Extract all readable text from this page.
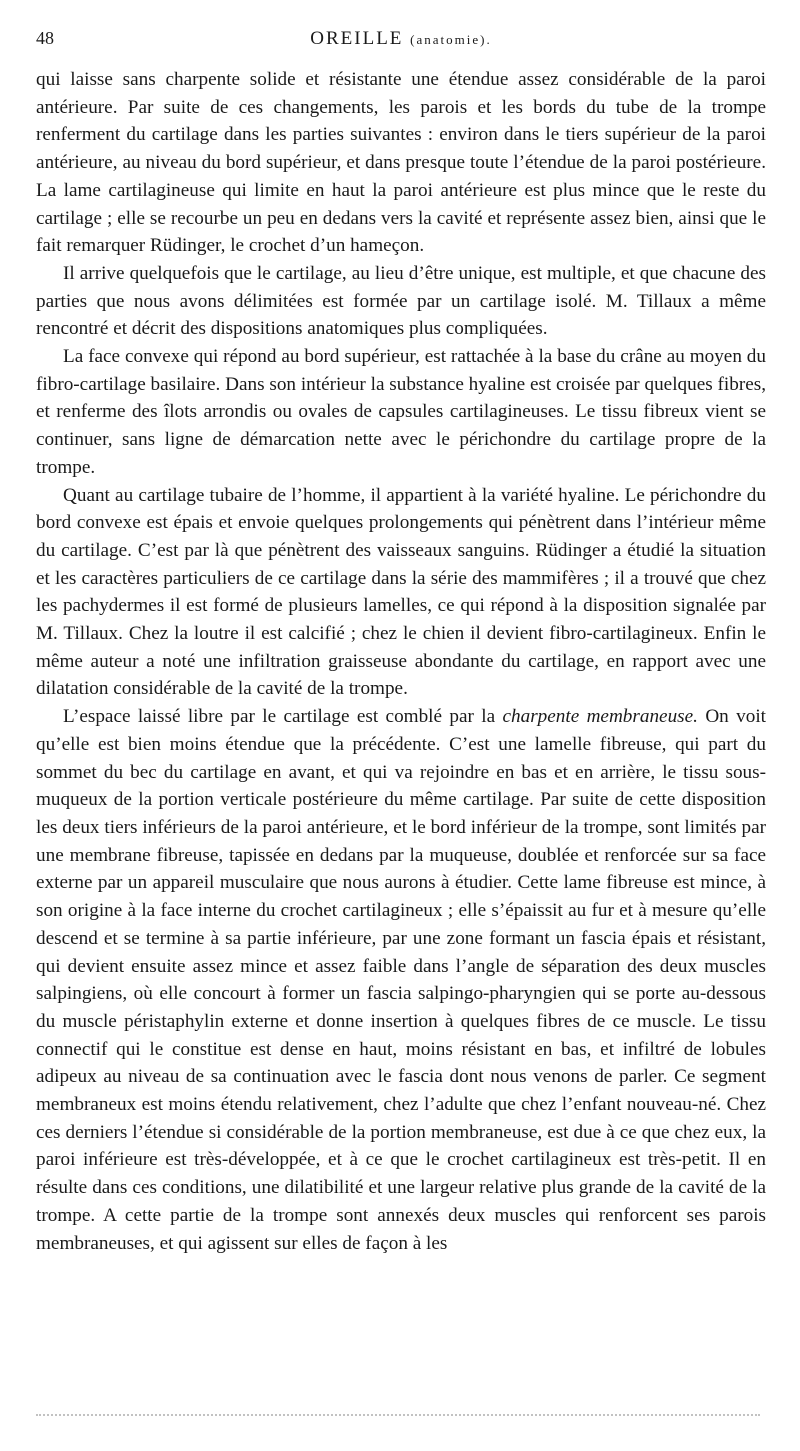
48	OREILLE (anatomie).

qui laisse sans charpente solide et résistante une étendue assez considérable de la paroi antérieure. Par suite de ces changements, les parois et les bords du tube de la trompe renferment du cartilage dans les parties suivantes : environ dans le tiers supérieur de la paroi antérieure, au niveau du bord supérieur, et dans presque toute l’étendue de la paroi postérieure. La lame cartilagineuse qui limite en haut la paroi antérieure est plus mince que le reste du cartilage ; elle se recourbe un peu en dedans vers la cavité et représente assez bien, ainsi que le fait remarquer Rüdinger, le crochet d’un hameçon.

Il arrive quelquefois que le cartilage, au lieu d’être unique, est multiple, et que chacune des parties que nous avons délimitées est formée par un cartilage isolé. M. Tillaux a même rencontré et décrit des dispositions anatomiques plus compliquées.

La face convexe qui répond au bord supérieur, est rattachée à la base du crâne au moyen du fibro-cartilage basilaire. Dans son intérieur la substance hyaline est croisée par quelques fibres, et renferme des îlots arrondis ou ovales de capsules cartilagineuses. Le tissu fibreux vient se continuer, sans ligne de démarcation nette avec le périchondre du cartilage propre de la trompe.

Quant au cartilage tubaire de l’homme, il appartient à la variété hyaline. Le périchondre du bord convexe est épais et envoie quelques prolongements qui pénètrent dans l’intérieur même du cartilage. C’est par là que pénètrent des vaisseaux sanguins. Rüdinger a étudié la situation et les caractères particuliers de ce cartilage dans la série des mammifères ; il a trouvé que chez les pachydermes il est formé de plusieurs lamelles, ce qui répond à la disposition signalée par M. Tillaux. Chez la loutre il est calcifié ; chez le chien il devient fibro-cartilagineux. Enfin le même auteur a noté une infiltration graisseuse abondante du cartilage, en rapport avec une dilatation considérable de la cavité de la trompe.

L’espace laissé libre par le cartilage est comblé par la charpente membraneuse. On voit qu’elle est bien moins étendue que la précédente. C’est une lamelle fibreuse, qui part du sommet du bec du cartilage en avant, et qui va rejoindre en bas et en arrière, le tissu sous-muqueux de la portion verticale postérieure du même cartilage. Par suite de cette disposition les deux tiers inférieurs de la paroi antérieure, et le bord inférieur de la trompe, sont limités par une membrane fibreuse, tapissée en dedans par la muqueuse, doublée et renforcée sur sa face externe par un appareil musculaire que nous aurons à étudier. Cette lame fibreuse est mince, à son origine à la face interne du crochet cartilagineux ; elle s’épaissit au fur et à mesure qu’elle descend et se termine à sa partie inférieure, par une zone formant un fascia épais et résistant, qui devient ensuite assez mince et assez faible dans l’angle de séparation des deux muscles salpingiens, où elle concourt à former un fascia salpingo-pharyngien qui se porte au-dessous du muscle péristaphylin externe et donne insertion à quelques fibres de ce muscle. Le tissu connectif qui le constitue est dense en haut, moins résistant en bas, et infiltré de lobules adipeux au niveau de sa continuation avec le fascia dont nous venons de parler. Ce segment membraneux est moins étendu relativement, chez l’adulte que chez l’enfant nouveau-né. Chez ces derniers l’étendue si considérable de la portion membraneuse, est due à ce que chez eux, la paroi inférieure est très-développée, et à ce que le crochet cartilagineux est très-petit. Il en résulte dans ces conditions, une dilatibilité et une largeur relative plus grande de la cavité de la trompe. A cette partie de la trompe sont annexés deux muscles qui renforcent ses parois membraneuses, et qui agissent sur elles de façon à les
